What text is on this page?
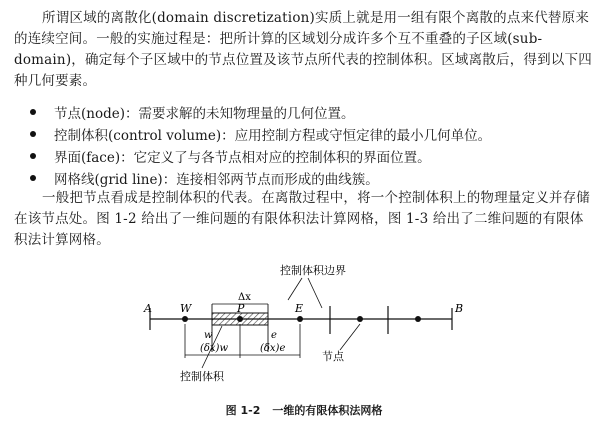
所谓区域的离散化(domain discretization)实质上就是用一组有限个离散的点来代替原来的连续空间。一般的实施过程是：把所计算的区域划分成许多个互不重叠的子区域(sub-domain)，确定每个子区域中的节点位置及该节点所代表的控制体积。区域离散后，得到以下四种几何要素。
节点(node)：需要求解的未知物理量的几何位置。
控制体积(control volume)：应用控制方程或守恒定律的最小几何单位。
界面(face)：它定义了与各节点相对应的控制体积的界面位置。
网格线(grid line)：连接相邻两节点而形成的曲线簇。
一般把节点看成是控制体积的代表。在离散过程中，将一个控制体积上的物理量定义并存储在该节点处。图 1-2 给出了一维问题的有限体积法计算网格，图 1-3 给出了二维问题的有限体积法计算网格。
控制体积边界
Δx
A	W	P	E	B
w	e
(δx)w	(δx)e
节点
控制体积
图 1-2 一维的有限体积法网格
